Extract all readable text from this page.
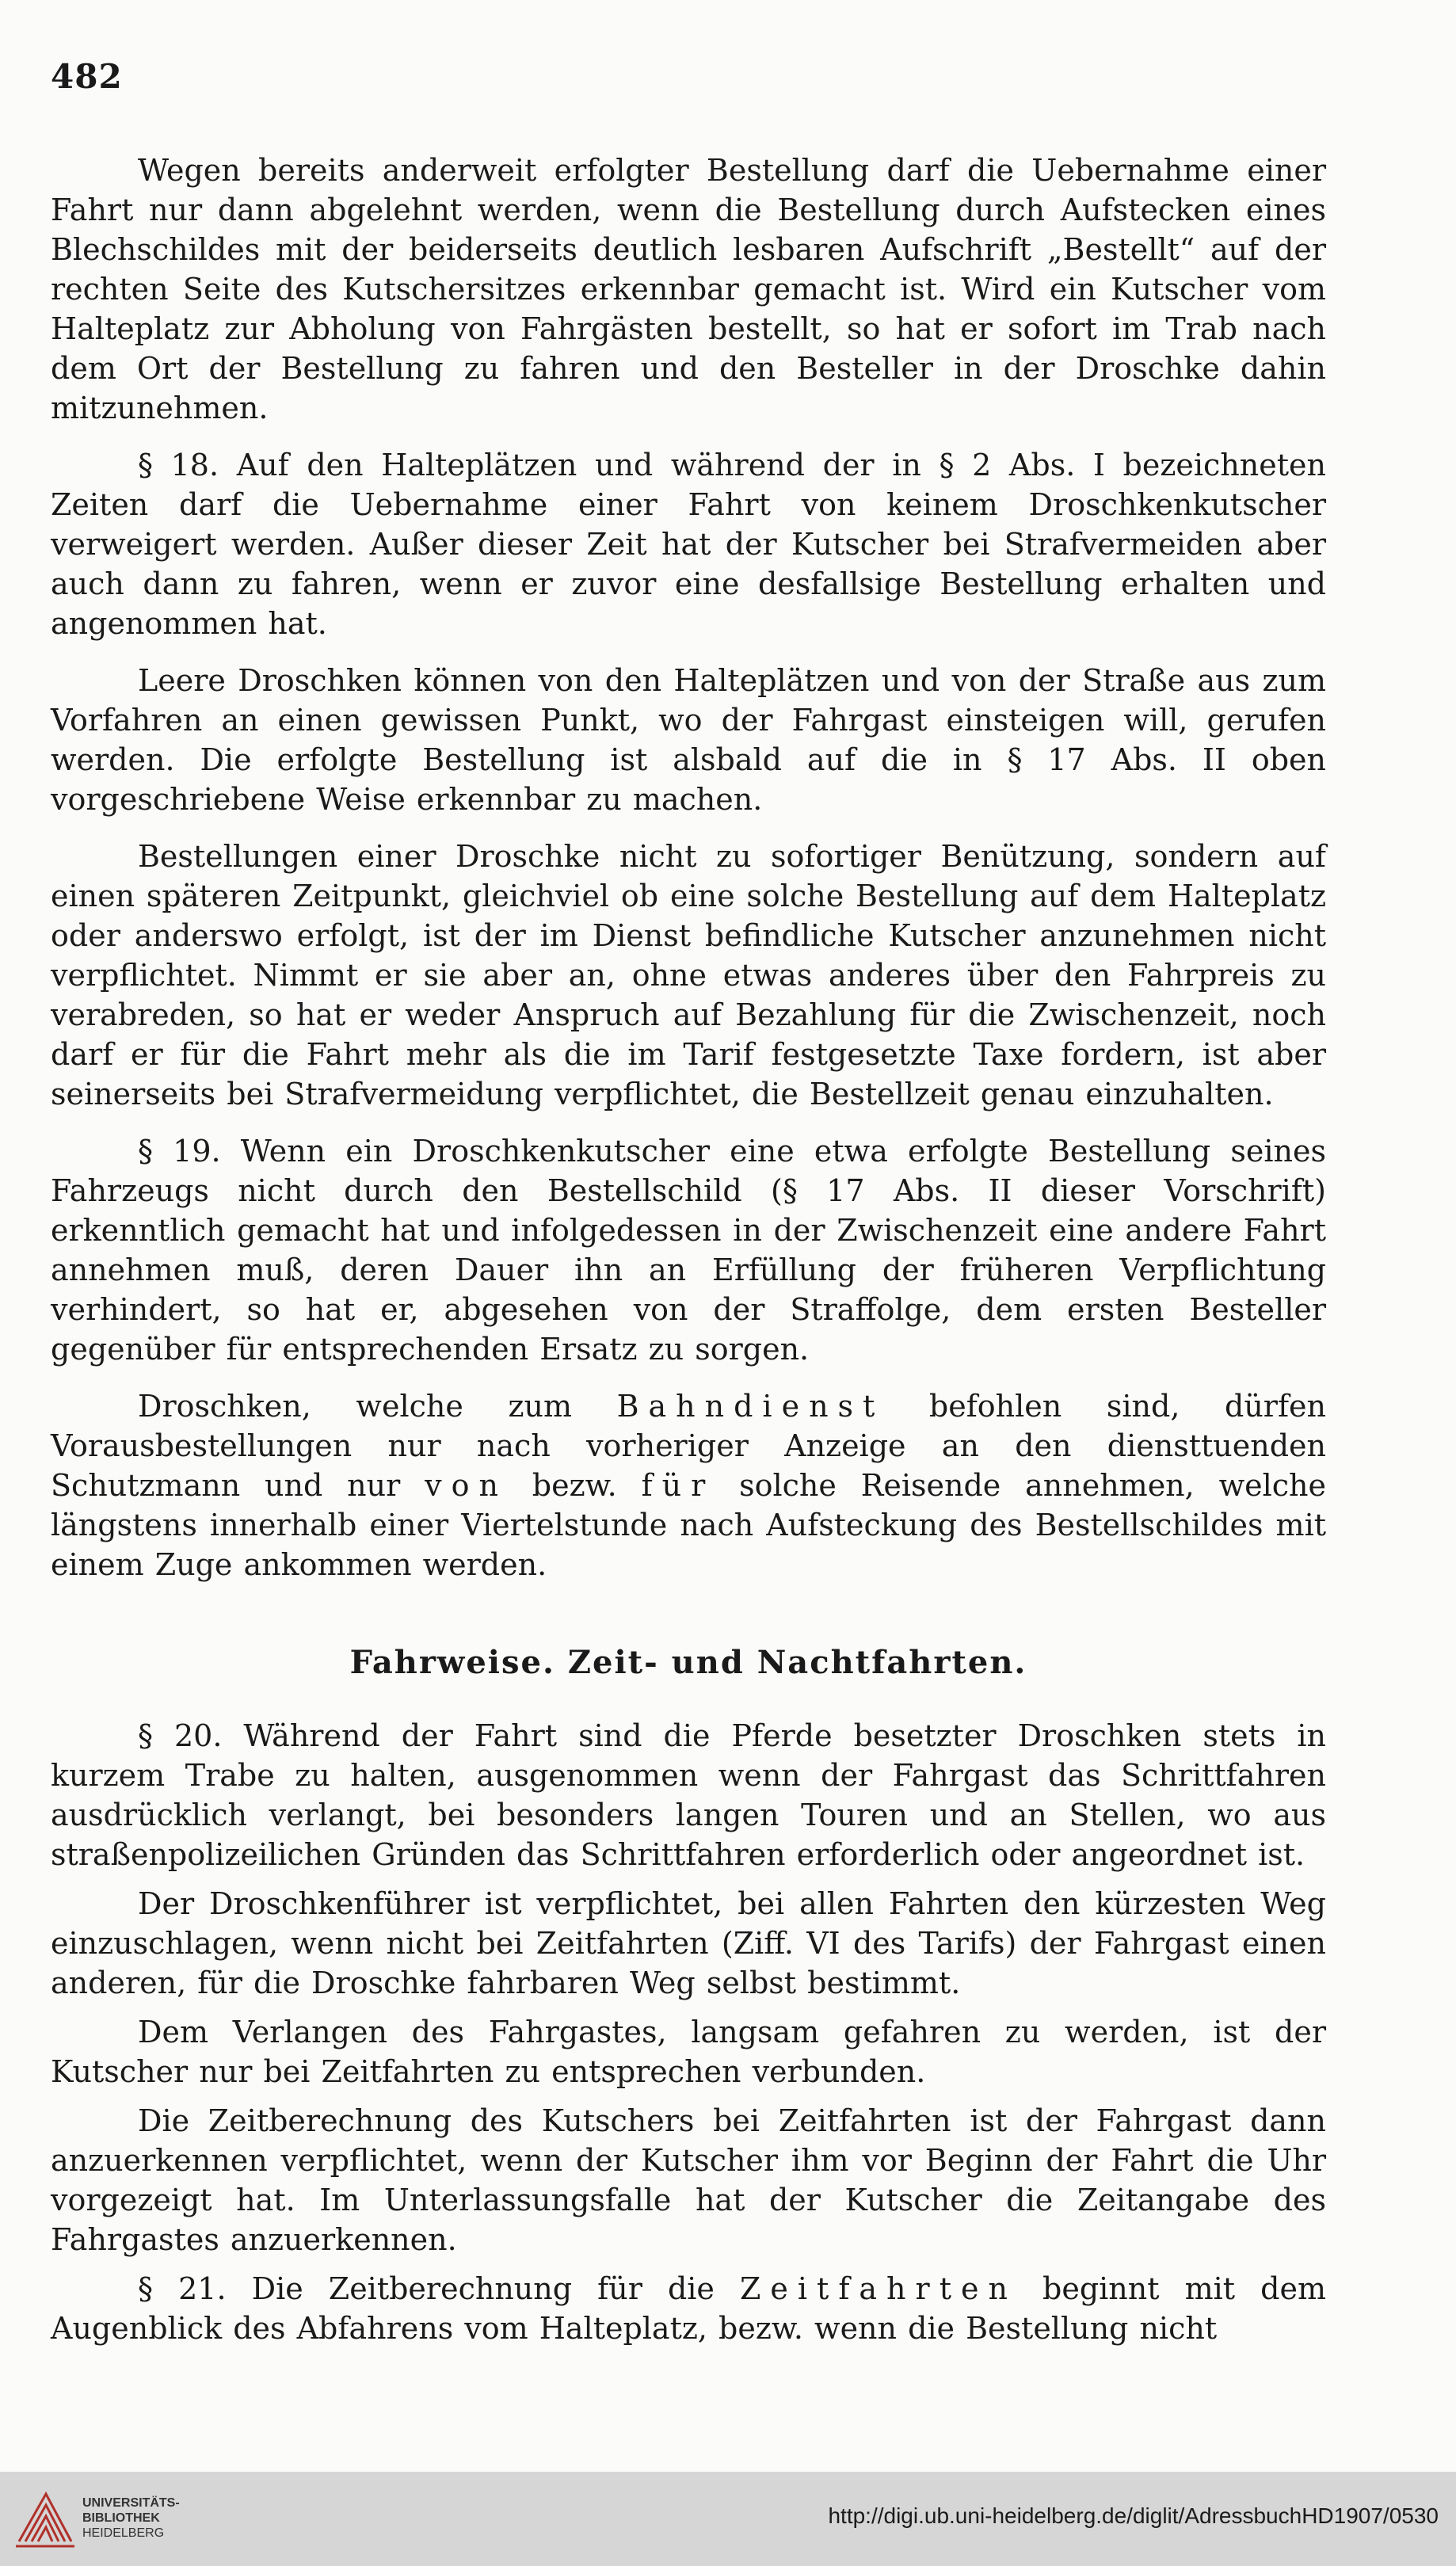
482

Wegen bereits anderweit erfolgter Bestellung darf die Uebernahme einer Fahrt nur dann abgelehnt werden, wenn die Bestellung durch Aufstecken eines Blechschildes mit der beiderseits deutlich lesbaren Aufschrift „Bestellt“ auf der rechten Seite des Kutschersitzes erkennbar gemacht ist. Wird ein Kutscher vom Halteplatz zur Abholung von Fahrgästen bestellt, so hat er sofort im Trab nach dem Ort der Bestellung zu fahren und den Besteller in der Droschke dahin mitzunehmen.

§ 18. Auf den Halteplätzen und während der in § 2 Abs. I bezeichneten Zeiten darf die Uebernahme einer Fahrt von keinem Droschkenkutscher verweigert werden. Außer dieser Zeit hat der Kutscher bei Strafvermeiden aber auch dann zu fahren, wenn er zuvor eine desfallsige Bestellung erhalten und angenommen hat.

Leere Droschken können von den Halteplätzen und von der Straße aus zum Vorfahren an einen gewissen Punkt, wo der Fahrgast einsteigen will, gerufen werden. Die erfolgte Bestellung ist alsbald auf die in § 17 Abs. II oben vorgeschriebene Weise erkennbar zu machen.

Bestellungen einer Droschke nicht zu sofortiger Benützung, sondern auf einen späteren Zeitpunkt, gleichviel ob eine solche Bestellung auf dem Halteplatz oder anderswo erfolgt, ist der im Dienst befindliche Kutscher anzunehmen nicht verpflichtet. Nimmt er sie aber an, ohne etwas anderes über den Fahrpreis zu verabreden, so hat er weder Anspruch auf Bezahlung für die Zwischenzeit, noch darf er für die Fahrt mehr als die im Tarif festgesetzte Taxe fordern, ist aber seinerseits bei Strafvermeidung verpflichtet, die Bestellzeit genau einzuhalten.

§ 19. Wenn ein Droschkenkutscher eine etwa erfolgte Bestellung seines Fahrzeugs nicht durch den Bestellschild (§ 17 Abs. II dieser Vorschrift) erkenntlich gemacht hat und infolgedessen in der Zwischenzeit eine andere Fahrt annehmen muß, deren Dauer ihn an Erfüllung der früheren Verpflichtung verhindert, so hat er, abgesehen von der Straffolge, dem ersten Besteller gegenüber für entsprechenden Ersatz zu sorgen.

Droschken, welche zum Bahndienst befohlen sind, dürfen Vorausbestellungen nur nach vorheriger Anzeige an den diensttuenden Schutzmann und nur von bezw. für solche Reisende annehmen, welche längstens innerhalb einer Viertelstunde nach Aufsteckung des Bestellschildes mit einem Zuge ankommen werden.

Fahrweise. Zeit- und Nachtfahrten.

§ 20. Während der Fahrt sind die Pferde besetzter Droschken stets in kurzem Trabe zu halten, ausgenommen wenn der Fahrgast das Schrittfahren ausdrücklich verlangt, bei besonders langen Touren und an Stellen, wo aus straßenpolizeilichen Gründen das Schrittfahren erforderlich oder angeordnet ist.

Der Droschkenführer ist verpflichtet, bei allen Fahrten den kürzesten Weg einzuschlagen, wenn nicht bei Zeitfahrten (Ziff. VI des Tarifs) der Fahrgast einen anderen, für die Droschke fahrbaren Weg selbst bestimmt.

Dem Verlangen des Fahrgastes, langsam gefahren zu werden, ist der Kutscher nur bei Zeitfahrten zu entsprechen verbunden.

Die Zeitberechnung des Kutschers bei Zeitfahrten ist der Fahrgast dann anzuerkennen verpflichtet, wenn der Kutscher ihm vor Beginn der Fahrt die Uhr vorgezeigt hat. Im Unterlassungsfalle hat der Kutscher die Zeitangabe des Fahrgastes anzuerkennen.

§ 21. Die Zeitberechnung für die Zeitfahrten beginnt mit dem Augenblick des Abfahrens vom Halteplatz, bezw. wenn die Bestellung nicht

UNIVERSITÄTS-
BIBLIOTHEK
HEIDELBERG
http://digi.ub.uni-heidelberg.de/diglit/AdressbuchHD1907/0530
